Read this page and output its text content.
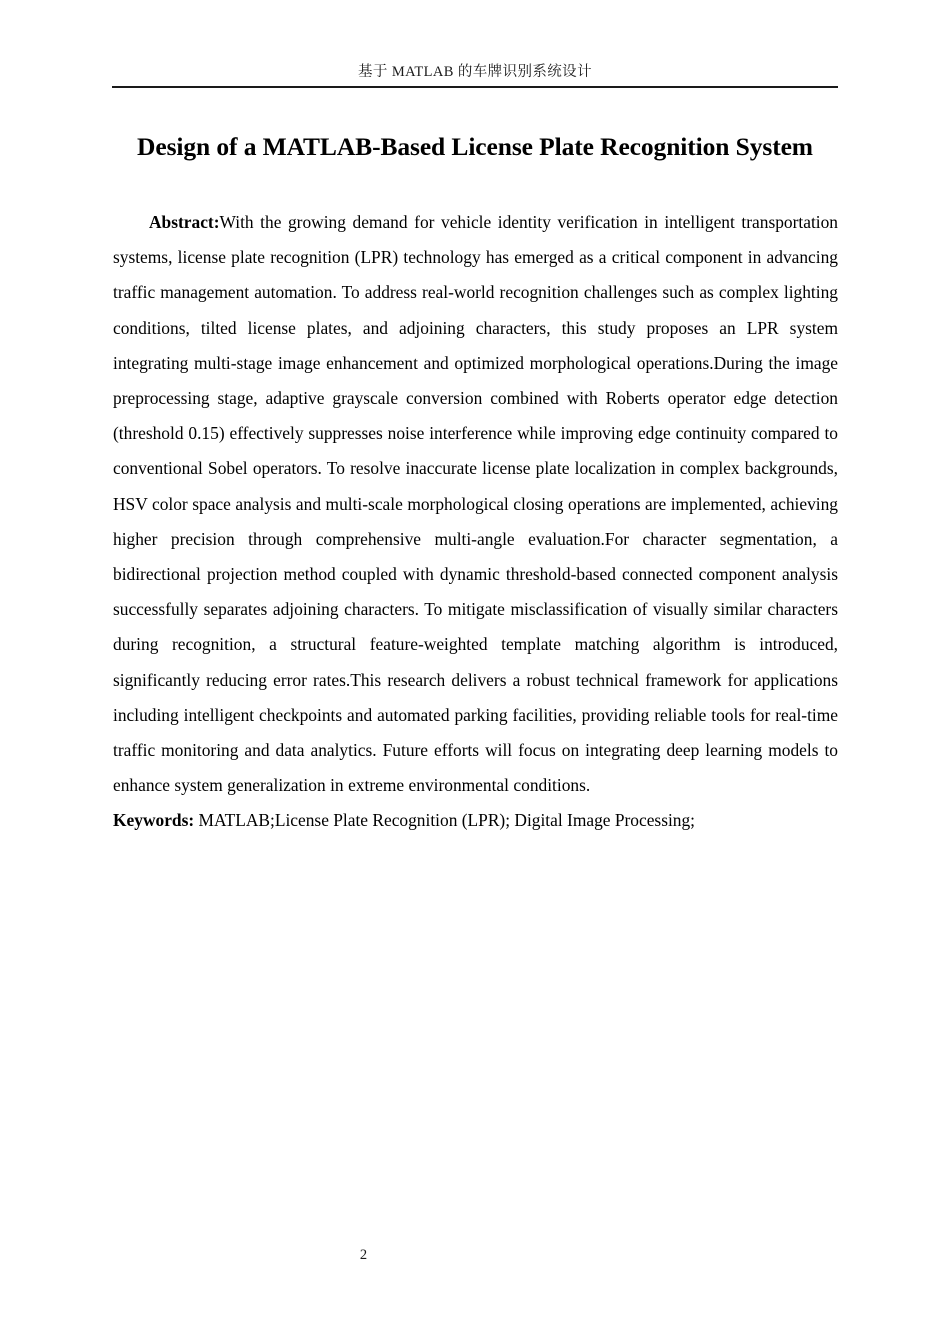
基于 MATLAB 的车牌识别系统设计
Design of a MATLAB-Based License Plate Recognition System

Abstract:With the growing demand for vehicle identity verification in intelligent transportation systems, license plate recognition (LPR) technology has emerged as a critical component in advancing traffic management automation. To address real-world recognition challenges such as complex lighting conditions, tilted license plates, and adjoining characters, this study proposes an LPR system integrating multi-stage image enhancement and optimized morphological operations.During the image preprocessing stage, adaptive grayscale conversion combined with Roberts operator edge detection (threshold 0.15) effectively suppresses noise interference while improving edge continuity compared to conventional Sobel operators. To resolve inaccurate license plate localization in complex backgrounds, HSV color space analysis and multi-scale morphological closing operations are implemented, achieving higher precision through comprehensive multi-angle evaluation.For character segmentation, a bidirectional projection method coupled with dynamic threshold-based connected component analysis successfully separates adjoining characters. To mitigate misclassification of visually similar characters during recognition, a structural feature-weighted template matching algorithm is introduced, significantly reducing error rates.This research delivers a robust technical framework for applications including intelligent checkpoints and automated parking facilities, providing reliable tools for real-time traffic monitoring and data analytics. Future efforts will focus on integrating deep learning models to enhance system generalization in extreme environmental conditions.

Keywords: MATLAB;License Plate Recognition (LPR); Digital Image Processing;

2
